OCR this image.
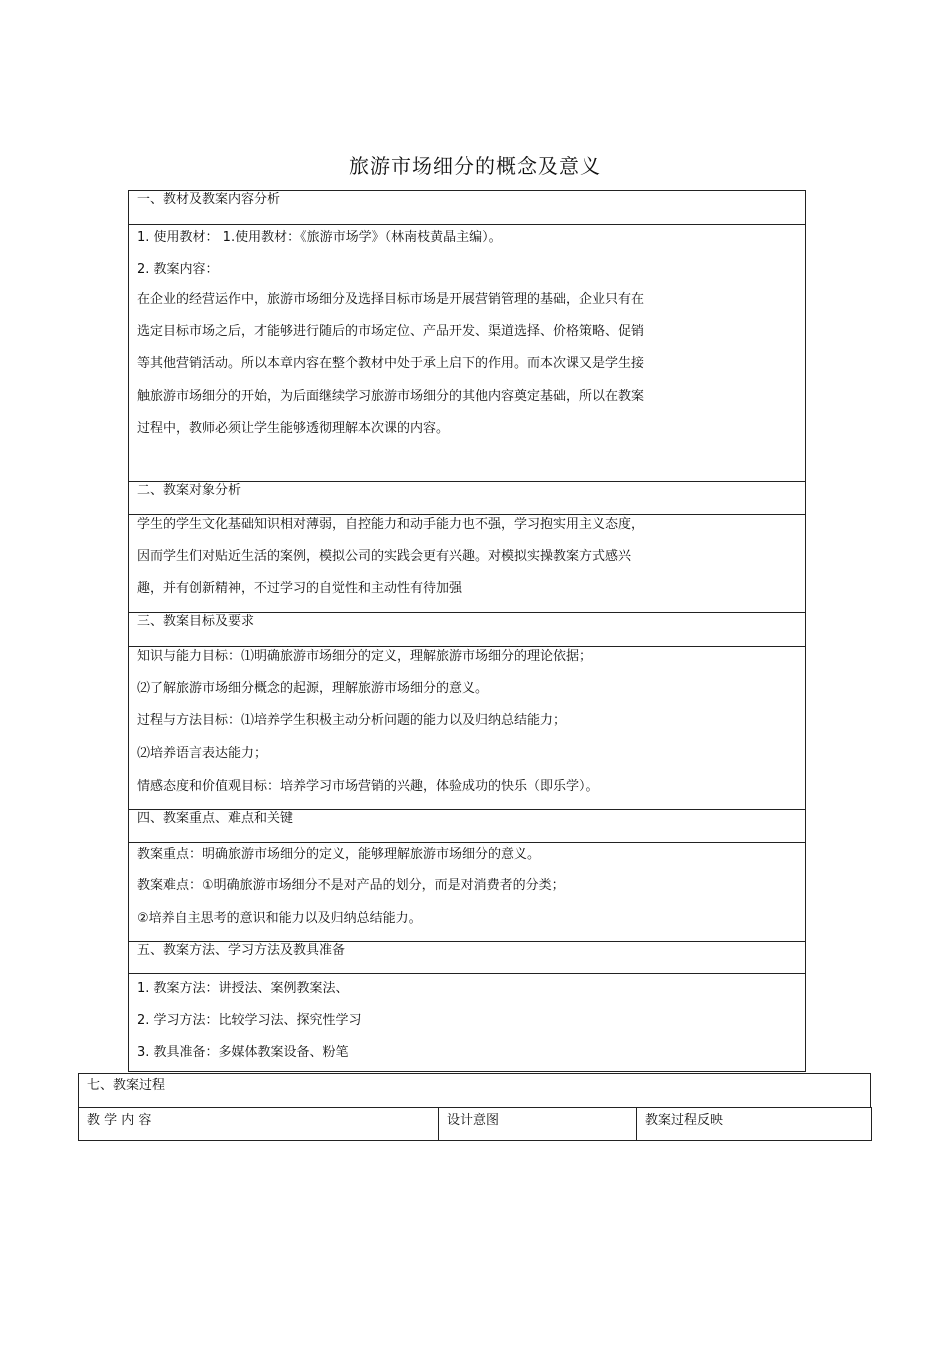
旅游市场细分的概念及意义
一、教材及教案内容分析
1. 使用教材： 1.使用教材：《旅游市场学》（林南枝黄晶主编）。
2. 教案内容：
在企业的经营运作中，旅游市场细分及选择目标市场是开展营销管理的基础，企业只有在
选定目标市场之后，才能够进行随后的市场定位、产品开发、渠道选择、价格策略、促销
等其他营销活动。所以本章内容在整个教材中处于承上启下的作用。而本次课又是学生接
触旅游市场细分的开始，为后面继续学习旅游市场细分的其他内容奠定基础，所以在教案
过程中，教师必须让学生能够透彻理解本次课的内容。
二、教案对象分析
学生的学生文化基础知识相对薄弱，自控能力和动手能力也不强，学习抱实用主义态度，
因而学生们对贴近生活的案例，模拟公司的实践会更有兴趣。对模拟实操教案方式感兴
趣，并有创新精神，不过学习的自觉性和主动性有待加强
三、教案目标及要求
知识与能力目标：⑴明确旅游市场细分的定义，理解旅游市场细分的理论依据；
⑵了解旅游市场细分概念的起源，理解旅游市场细分的意义。
过程与方法目标：⑴培养学生积极主动分析问题的能力以及归纳总结能力；
⑵培养语言表达能力；
情感态度和价值观目标：培养学习市场营销的兴趣，体验成功的快乐（即乐学）。
四、教案重点、难点和关键
教案重点：明确旅游市场细分的定义，能够理解旅游市场细分的意义。
教案难点：①明确旅游市场细分不是对产品的划分，而是对消费者的分类；
②培养自主思考的意识和能力以及归纳总结能力。
五、教案方法、学习方法及教具准备
1. 教案方法：讲授法、案例教案法、
2. 学习方法：比较学习法、探究性学习
3. 教具准备：多媒体教案设备、粉笔
七、教案过程
教 学 内 容	设计意图	教案过程反映
